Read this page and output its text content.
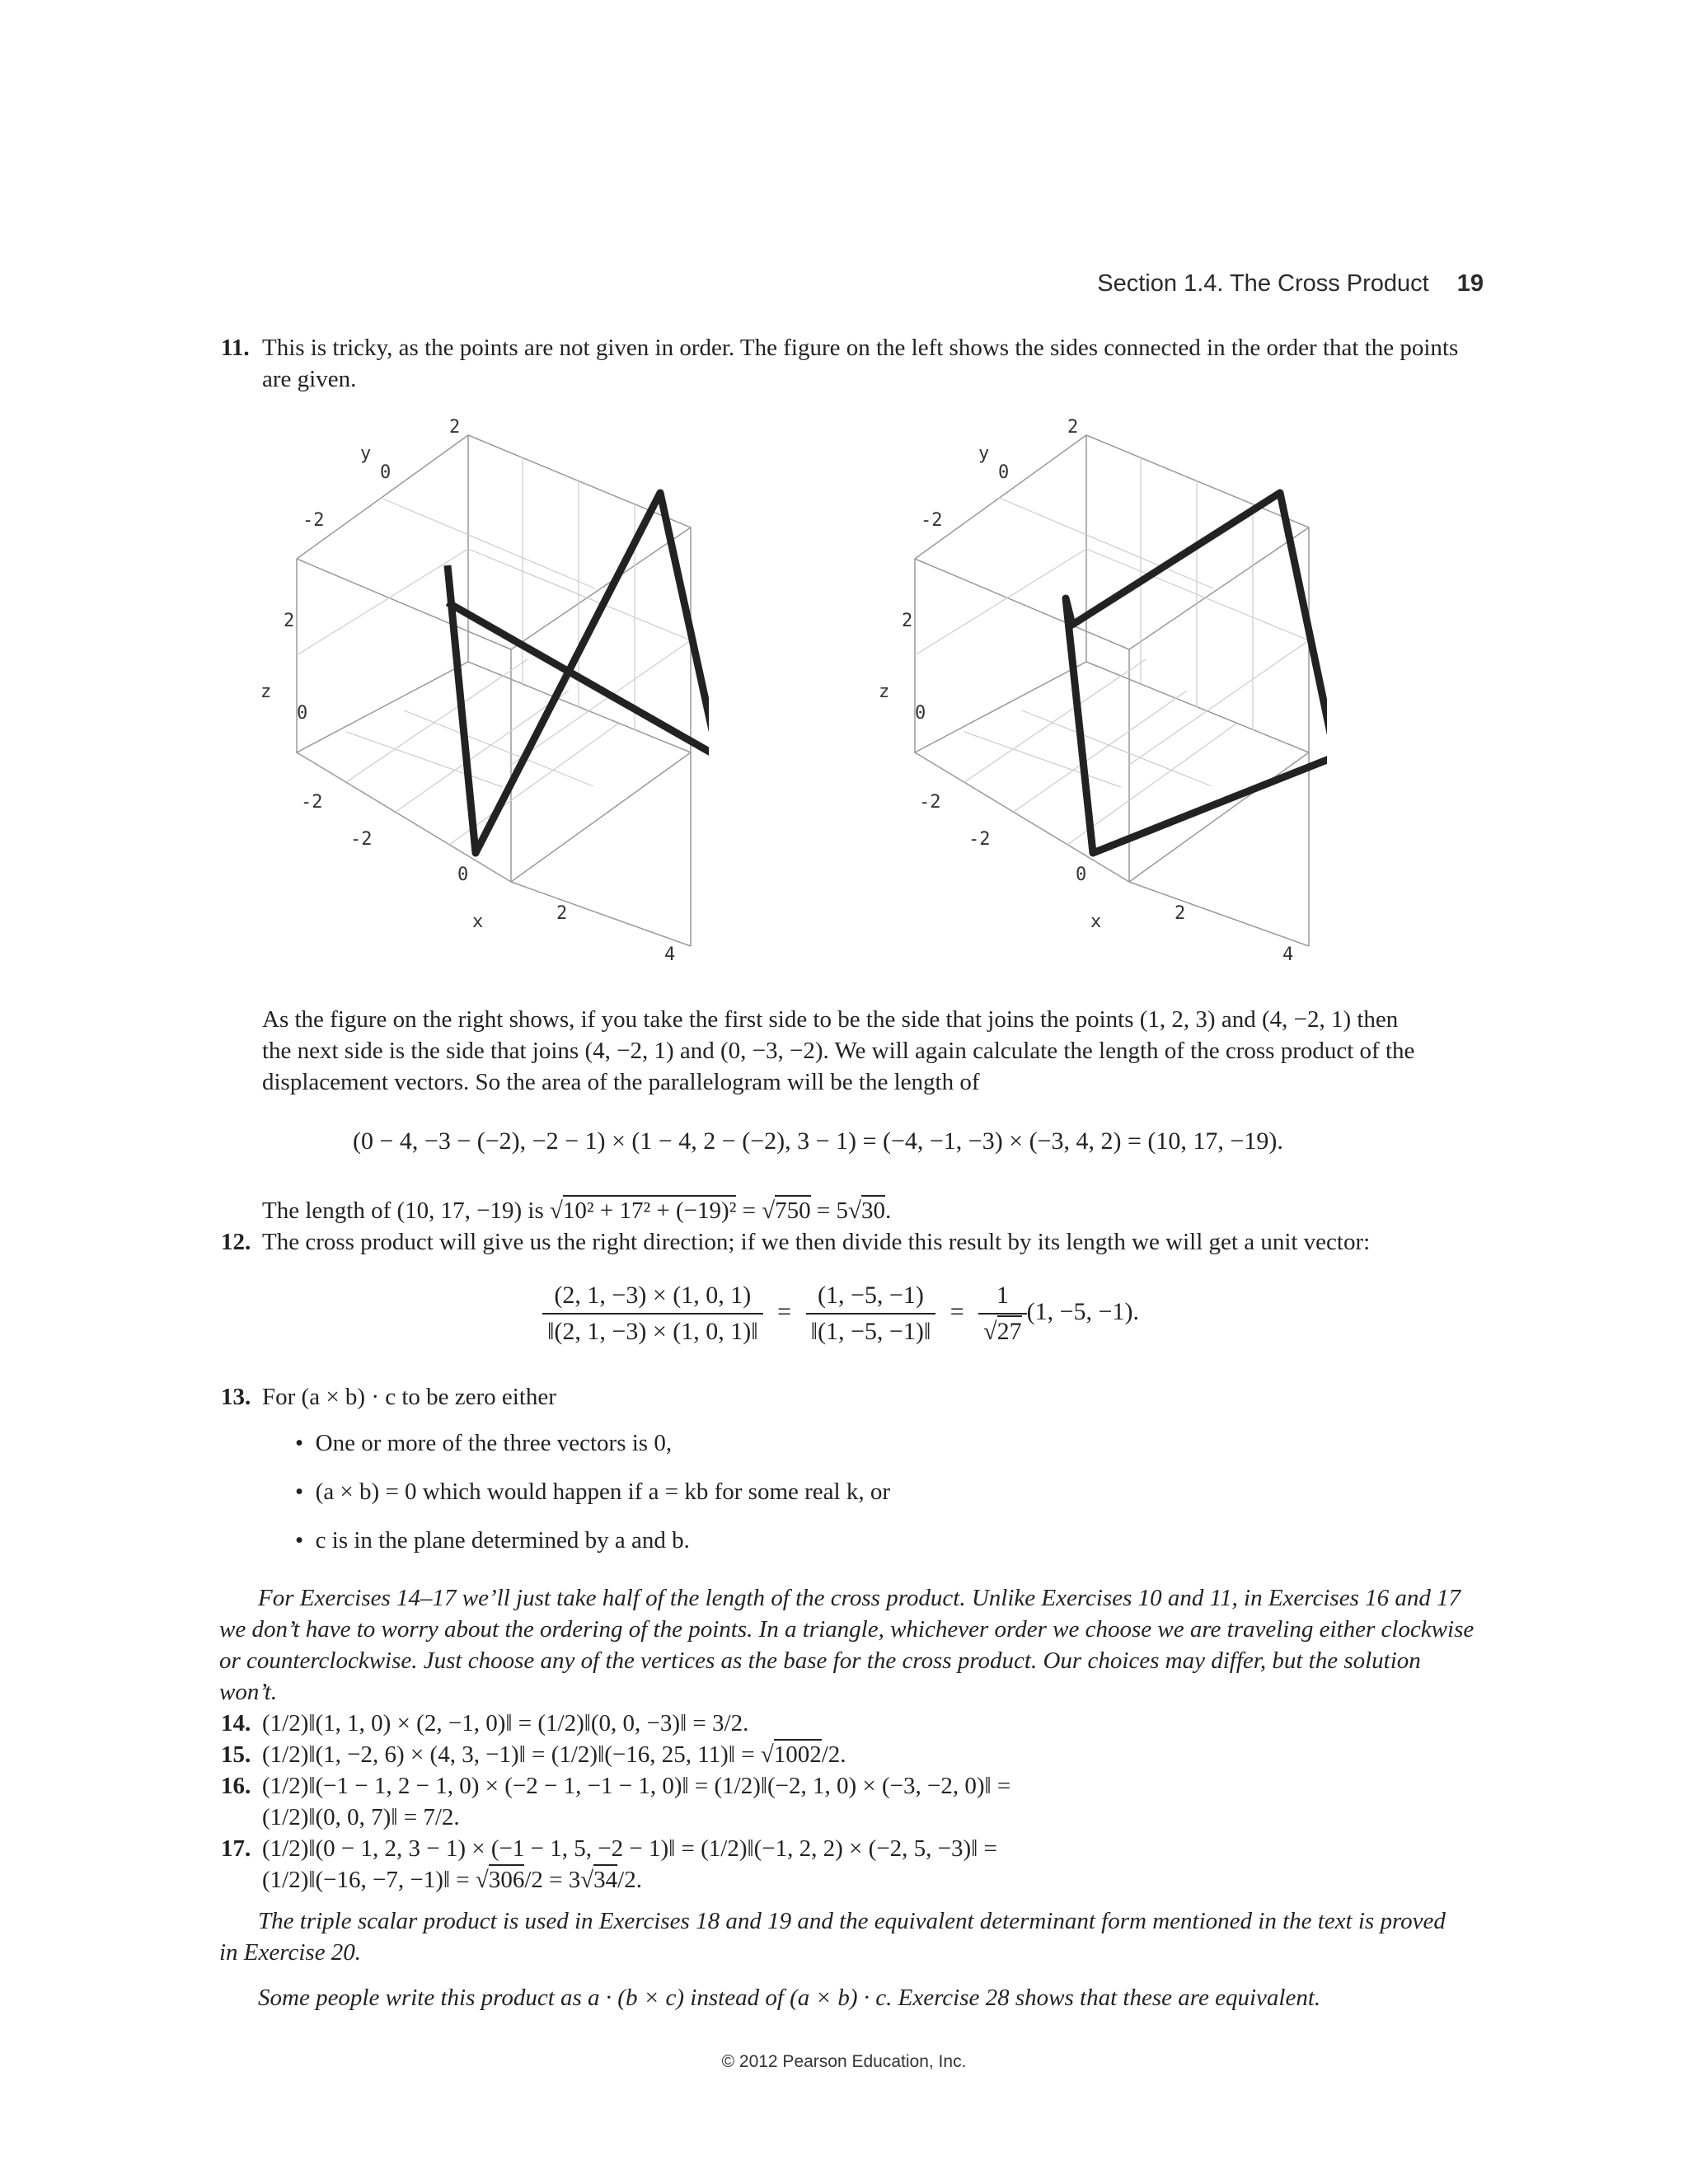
Section 1.4. The Cross Product 19
11. This is tricky, as the points are not given in order. The figure on the left shows the sides connected in the order that the points
are given.
y
2
0
-2
2
z
0
-2
-2
0
x	2
4
y
2
0
-2
2
z
0
-2
-2
0
x	2
4
As the figure on the right shows, if you take the first side to be the side that joins the points (1, 2, 3) and (4, −2, 1) then
the next side is the side that joins (4, −2, 1) and (0, −3, −2). We will again calculate the length of the cross product of the
displacement vectors. So the area of the parallelogram will be the length of
(0 − 4, −3 − (−2), −2 − 1) × (1 − 4, 2 − (−2), 3 − 1) = (−4, −1, −3) × (−3, 4, 2) = (10, 17, −19).
The length of (10, 17, −19) is √10² + 17² + (−19)² = √750 = 5√30.
12. The cross product will give us the right direction; if we then divide this result by its length we will get a unit vector:
$\frac{(2, 1, -3) \times (1, 0, 1)}{‖(2, 1, -3) \times (1, 0, 1)‖} = \frac{(1, -5, -1)}{‖(1, -5, -1)‖} = \frac{1}{√27} (1$, −5, −1).
13. For (a × b) · c to be zero either
•  One or more of the three vectors is 0,
•  (a × b) = 0 which would happen if a = kb for some real k, or
•  c is in the plane determined by a and b.
For Exercises 14–17 we’ll just take half of the length of the cross product. Unlike Exercises 10 and 11, in Exercises 16 and 17
we don’t have to worry about the ordering of the points. In a triangle, whichever order we choose we are traveling either clockwise
or counterclockwise. Just choose any of the vertices as the base for the cross product. Our choices may differ, but the solution
won’t.
14. (1/2)‖(1, 1, 0) × (2, −1, 0)‖ = (1/2)‖(0, 0, −3)‖ = 3/2.
15. (1/2)‖(1, −2, 6) × (4, 3, −1)‖ = (1/2)‖(−16, 25, 11)‖ = √1002/2.
16. (1/2)‖(−1 − 1, 2 − 1, 0) × (−2 − 1, −1 − 1, 0)‖ = (1/2)‖(−2, 1, 0) × (−3, −2, 0)‖ =
(1/2)‖(0, 0, 7)‖ = 7/2.
17. (1/2)‖(0 − 1, 2, 3 − 1) × (−1 − 1, 5, −2 − 1)‖ = (1/2)‖(−1, 2, 2) × (−2, 5, −3)‖ =
(1/2)‖(−16, −7, −1)‖ = √306/2 = 3√34/2.
The triple scalar product is used in Exercises 18 and 19 and the equivalent determinant form mentioned in the text is proved
in Exercise 20.
Some people write this product as a · (b × c) instead of (a × b) · c. Exercise 28 shows that these are equivalent.
© 2012 Pearson Education, Inc.
